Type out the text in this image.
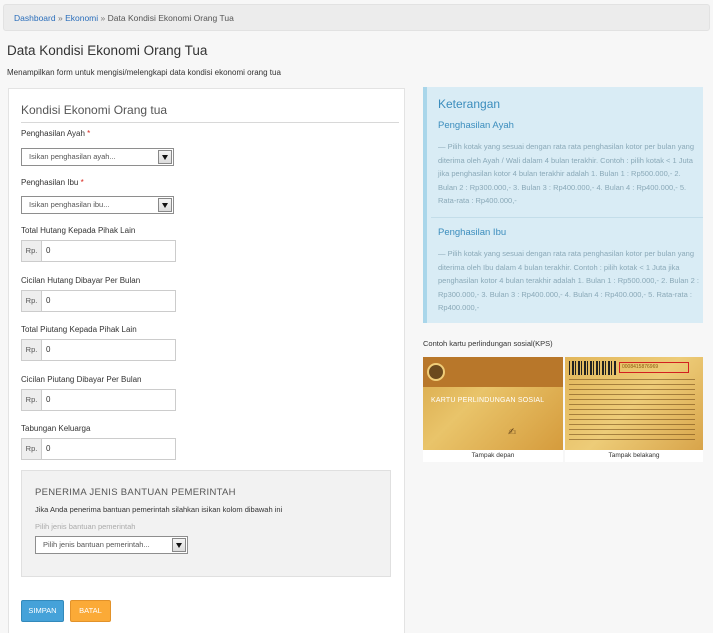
Dashboard » Ekonomi » Data Kondisi Ekonomi Orang Tua
Data Kondisi Ekonomi Orang Tua
Menampilkan form untuk mengisi/melengkapi data kondisi ekonomi orang tua
Kondisi Ekonomi Orang tua
Penghasilan Ayah *
Isikan penghasilan ayah...
Penghasilan Ibu *
Isikan penghasilan ibu...
Total Hutang Kepada Pihak Lain
Rp.	0
Cicilan Hutang Dibayar Per Bulan
Rp.	0
Total Piutang Kepada Pihak Lain
Rp.	0
Cicilan Piutang Dibayar Per Bulan
Rp.	0
Tabungan Keluarga
Rp.	0
PENERIMA JENIS BANTUAN PEMERINTAH
Jika Anda penerima bantuan pemerintah silahkan isikan kolom dibawah ini
Pilih jenis bantuan pemerintah
Pilih jenis bantuan pemerintah...
SIMPAN	BATAL
Keterangan
Penghasilan Ayah
— Pilih kotak yang sesuai dengan rata rata penghasilan kotor per bulan yang diterima oleh Ayah / Wali dalam 4 bulan terakhir. Contoh : pilih kotak < 1 Juta jika penghasilan kotor 4 bulan terakhir adalah 1. Bulan 1 : Rp500.000,- 2. Bulan 2 : Rp300.000,- 3. Bulan 3 : Rp400.000,- 4. Bulan 4 : Rp400.000,- 5. Rata-rata : Rp400.000,-
Penghasilan Ibu
— Pilih kotak yang sesuai dengan rata rata penghasilan kotor per bulan yang diterima oleh Ibu dalam 4 bulan terakhir. Contoh : pilih kotak < 1 Juta jika penghasilan kotor 4 bulan terakhir adalah 1. Bulan 1 : Rp500.000,- 2. Bulan 2 : Rp300.000,- 3. Bulan 3 : Rp400.000,- 4. Bulan 4 : Rp400.000,- 5. Rata-rata : Rp400.000,-
Contoh kartu perlindungan sosial(KPS)
KARTU PERLINDUNGAN SOSIAL
✍
0008415876969
Tampak depan	Tampak belakang
